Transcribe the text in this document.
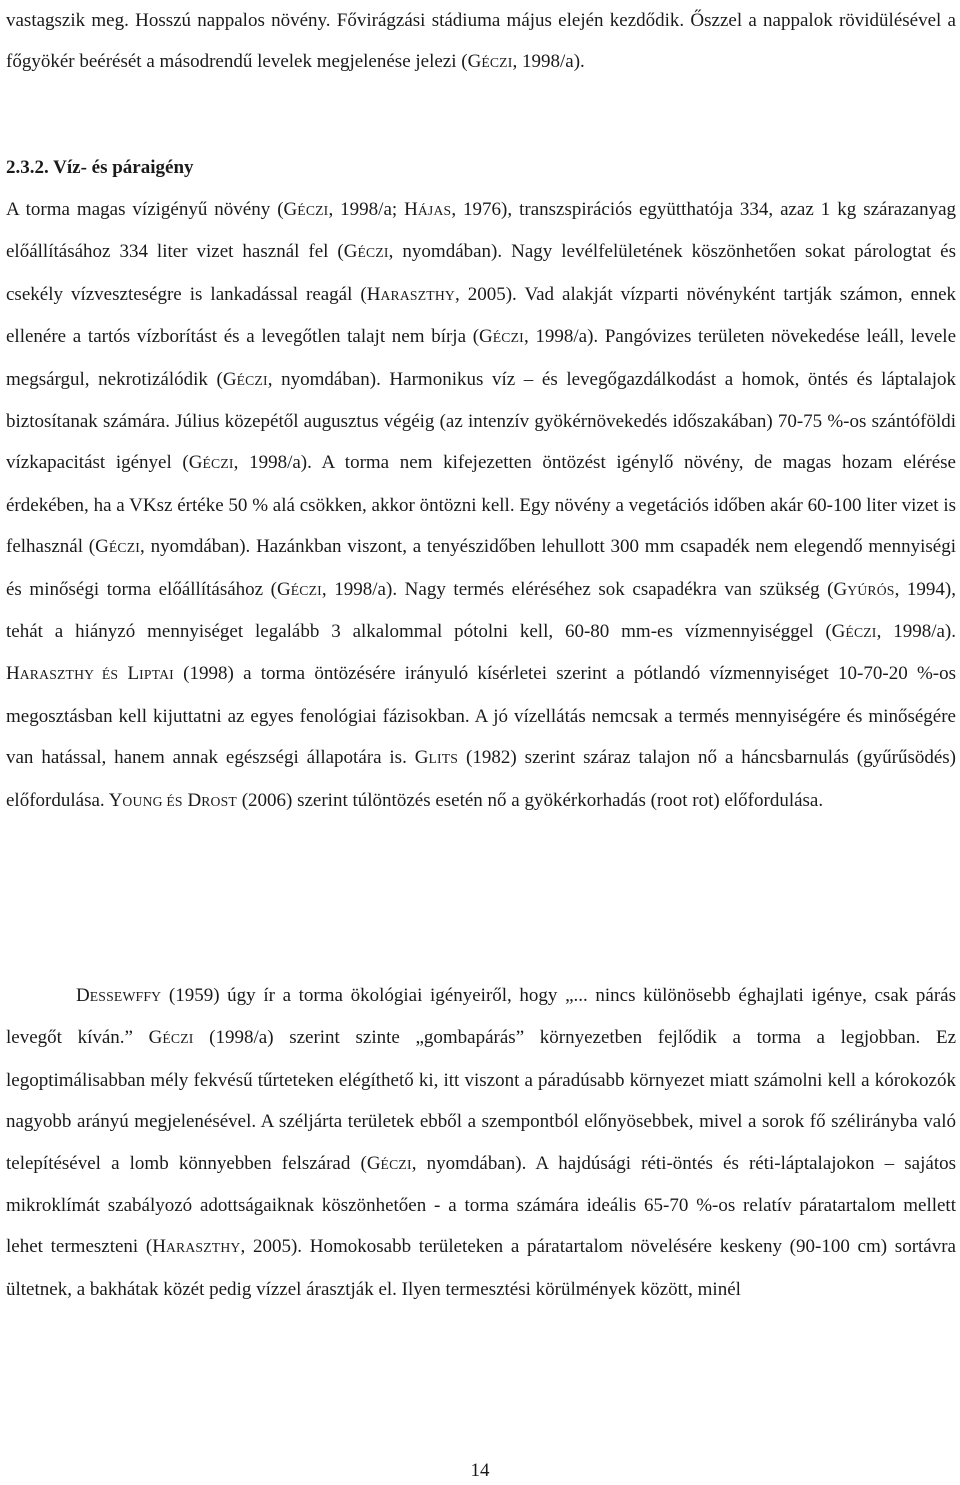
vastagszik meg. Hosszú nappalos növény. Fővirágzási stádiuma május elején kezdődik. Őszzel a nappalok rövidülésével a főgyökér beérését a másodrendű levelek megjelenése jelezi (GÉCZI, 1998/a).

2.3.2. Víz- és páraigény

A torma magas vízigényű növény (GÉCZI, 1998/a; HÁJAS, 1976), transzspirációs együtthatója 334, azaz 1 kg szárazanyag előállításához 334 liter vizet használ fel (GÉCZI, nyomdában). Nagy levélfelületének köszönhetően sokat párologtat és csekély vízveszteségre is lankadással reagál (HARASZTHY, 2005). Vad alakját vízparti növényként tartják számon, ennek ellenére a tartós vízborítást és a levegőtlen talajt nem bírja (GÉCZI, 1998/a). Pangóvizes területen növekedése leáll, levele megsárgul, nekrotizálódik (GÉCZI, nyomdában). Harmonikus víz – és levegőgazdálkodást a homok, öntés és láptalajok biztosítanak számára. Július közepétől augusztus végéig (az intenzív gyökérnövekedés időszakában) 70-75 %-os szántóföldi vízkapacitást igényel (GÉCZI, 1998/a). A torma nem kifejezetten öntözést igénylő növény, de magas hozam elérése érdekében, ha a VKsz értéke 50 % alá csökken, akkor öntözni kell. Egy növény a vegetációs időben akár 60-100 liter vizet is felhasznál (GÉCZI, nyomdában). Hazánkban viszont, a tenyészidőben lehullott 300 mm csapadék nem elegendő mennyiségi és minőségi torma előállításához (GÉCZI, 1998/a). Nagy termés eléréséhez sok csapadékra van szükség (GYÚRÓS, 1994), tehát a hiányzó mennyiséget legalább 3 alkalommal pótolni kell, 60-80 mm-es vízmennyiséggel (GÉCZI, 1998/a). HARASZTHY ÉS LIPTAI (1998) a torma öntözésére irányuló kísérletei szerint a pótlandó vízmennyiséget 10-70-20 %-os megosztásban kell kijuttatni az egyes fenológiai fázisokban. A jó vízellátás nemcsak a termés mennyiségére és minőségére van hatással, hanem annak egészségi állapotára is. GLITS (1982) szerint száraz talajon nő a háncsbarnulás (gyűrűsödés) előfordulása. YOUNG ÉS DROST (2006) szerint túlöntözés esetén nő a gyökérkorhadás (root rot) előfordulása.

DESSEWFFY (1959) úgy ír a torma ökológiai igényeiről, hogy „... nincs különösebb éghajlati igénye, csak párás levegőt kíván.” GÉCZI (1998/a) szerint szinte „gombapárás” környezetben fejlődik a torma a legjobban. Ez legoptimálisabban mély fekvésű tűrteteken elégíthető ki, itt viszont a páradúsabb környezet miatt számolni kell a kórokozók nagyobb arányú megjelenésével. A széljárta területek ebből a szempontból előnyösebbek, mivel a sorok fő szélirányba való telepítésével a lomb könnyebben felszárad (GÉCZI, nyomdában). A hajdúsági réti-öntés és réti-láptalajokon – sajátos mikroklímát szabályozó adottságaiknak köszönhetően - a torma számára ideális 65-70 %-os relatív páratartalom mellett lehet termeszteni (HARASZTHY, 2005). Homokosabb területeken a páratartalom növelésére keskeny (90-100 cm) sortávra ültetnek, a bakhátak közét pedig vízzel árasztják el. Ilyen termesztési körülmények között, minél

14
